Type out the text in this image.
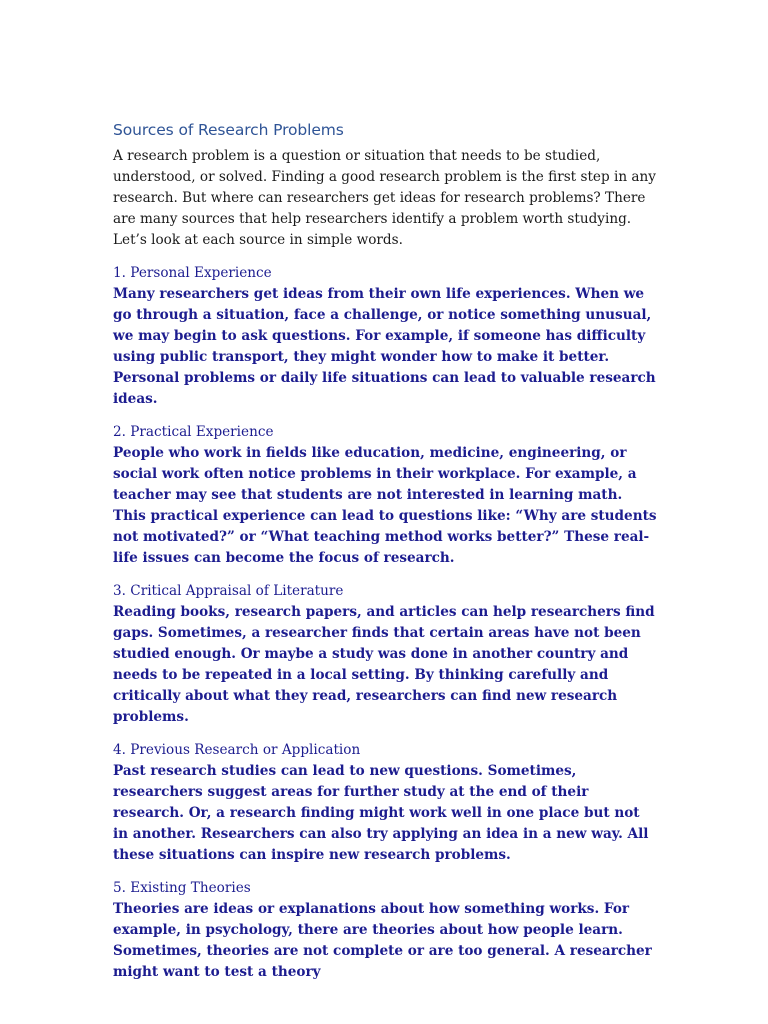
Sources of Research Problems

A research problem is a question or situation that needs to be studied, understood, or solved. Finding a good research problem is the first step in any research. But where can researchers get ideas for research problems? There are many sources that help researchers identify a problem worth studying. Let’s look at each source in simple words.

1. Personal Experience

Many researchers get ideas from their own life experiences. When we go through a situation, face a challenge, or notice something unusual, we may begin to ask questions. For example, if someone has difficulty using public transport, they might wonder how to make it better. Personal problems or daily life situations can lead to valuable research ideas.

2. Practical Experience

People who work in fields like education, medicine, engineering, or social work often notice problems in their workplace. For example, a teacher may see that students are not interested in learning math. This practical experience can lead to questions like: “Why are students not motivated?” or “What teaching method works better?” These real-life issues can become the focus of research.

3. Critical Appraisal of Literature

Reading books, research papers, and articles can help researchers find gaps. Sometimes, a researcher finds that certain areas have not been studied enough. Or maybe a study was done in another country and needs to be repeated in a local setting. By thinking carefully and critically about what they read, researchers can find new research problems.

4. Previous Research or Application

Past research studies can lead to new questions. Sometimes, researchers suggest areas for further study at the end of their research. Or, a research finding might work well in one place but not in another. Researchers can also try applying an idea in a new way. All these situations can inspire new research problems.

5. Existing Theories

Theories are ideas or explanations about how something works. For example, in psychology, there are theories about how people learn. Sometimes, theories are not complete or are too general. A researcher might want to test a theory
